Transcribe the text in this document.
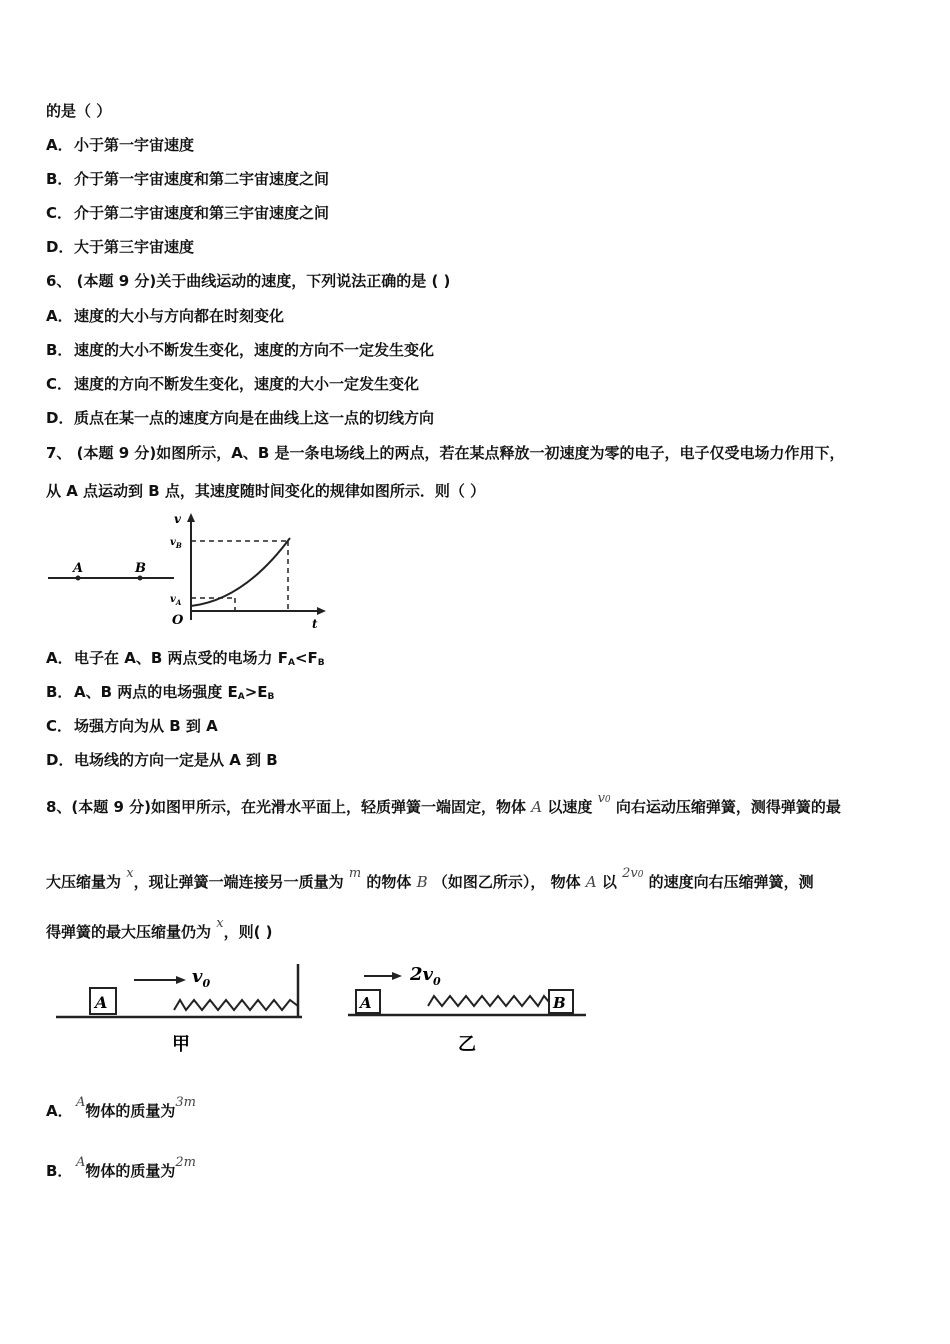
的是（ ）
A．小于第一宇宙速度
B． 介于第一宇宙速度和第二宇宙速度之间
C． 介于第二宇宙速度和第三宇宙速度之间
D．大于第三宇宙速度
6、 (本题 9 分)关于曲线运动的速度，下列说法正确的是 ( )
A．速度的大小与方向都在时刻变化
B． 速度的大小不断发生变化，速度的方向不一定发生变化
C． 速度的方向不断发生变化，速度的大小一定发生变化
D．质点在某一点的速度方向是在曲线上这一点的切线方向
7、 (本题 9 分)如图所示，A、B 是一条电场线上的两点，若在某点释放一初速度为零的电子，电子仅受电场力作用下，
从 A 点运动到 B 点，其速度随时间变化的规律如图所示．则（ ）
A	B
v
t
O
$v_B$
$v_A$
A．电子在 A、B 两点受的电场力 $F_A<F_B$
B． A、B 两点的电场强度 $E_A>E_B$
C． 场强方向为从 B 到 A
D．电场线的方向一定是从 A 到 B
8、(本题 9 分)如图甲所示，在光滑水平面上，轻质弹簧一端固定，物体 A 以速度 v0 向右运动压缩弹簧，测得弹簧的最
大压缩量为 x，现让弹簧一端连接另一质量为 m 的物体 B （如图乙所示）， 物体 A 以 2v0 的速度向右压缩弹簧，测
得弹簧的最大压缩量仍为 x，则( )
A
$v_0$
甲
A	B
$2v_0$
乙
A． A物体的质量为3m
B． A物体的质量为2m
